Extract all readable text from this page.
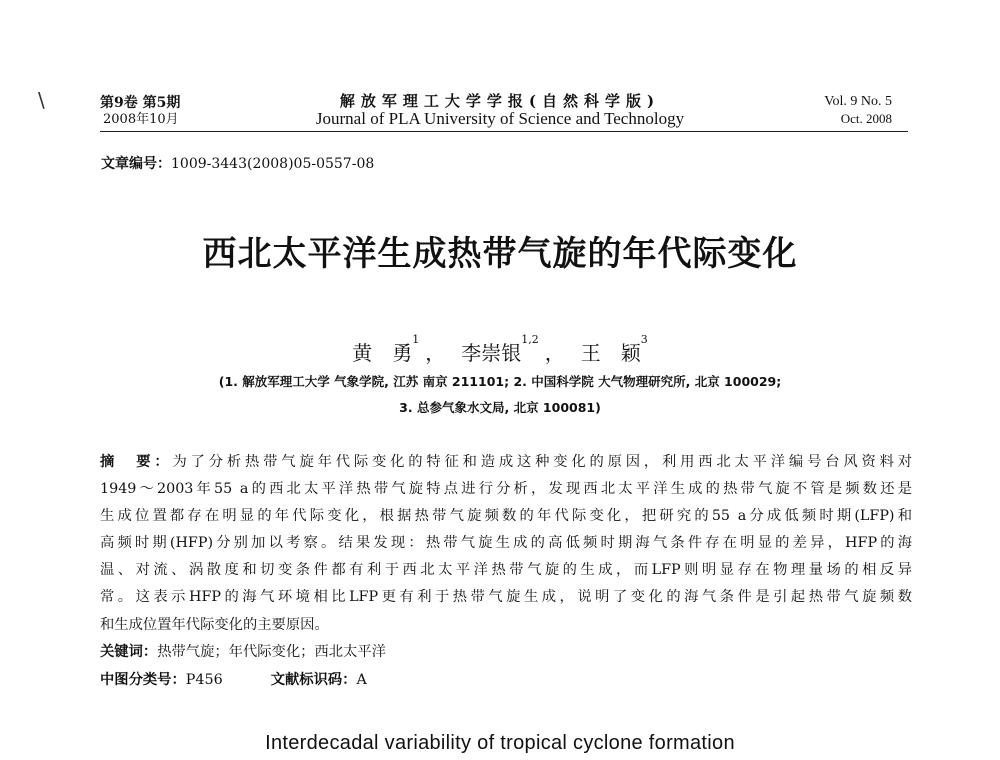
\	第9卷 第5期
2008年10月
解放军理工大学学报(自然科学版)
Journal of PLA University of Science and Technology
Vol. 9 No. 5
Oct. 2008
文章编号：1009-3443(2008)05-0557-08
西北太平洋生成热带气旋的年代际变化
黄　勇$^1$， 李崇银$^{1,2}$， 王　颖$^3$
(1. 解放军理工大学 气象学院, 江苏 南京 211101; 2. 中国科学院 大气物理研究所, 北京 100029;
3. 总参气象水文局, 北京 100081)
摘　要：为了分析热带气旋年代际变化的特征和造成这种变化的原因，利用西北太平洋编号台风资料对
1949～2003年55 a的西北太平洋热带气旋特点进行分析，发现西北太平洋生成的热带气旋不管是频数还是
生成位置都存在明显的年代际变化，根据热带气旋频数的年代际变化，把研究的55 a分成低频时期(LFP)和
高频时期(HFP)分别加以考察。结果发现：热带气旋生成的高低频时期海气条件存在明显的差异，HFP的海
温、对流、涡散度和切变条件都有利于西北太平洋热带气旋的生成，而LFP则明显存在物理量场的相反异
常。这表示HFP的海气环境相比LFP更有利于热带气旋生成，说明了变化的海气条件是引起热带气旋频数
和生成位置年代际变化的主要原因。
关键词：热带气旋；年代际变化；西北太平洋
中图分类号：P456	文献标识码：A
Interdecadal variability of tropical cyclone formation
